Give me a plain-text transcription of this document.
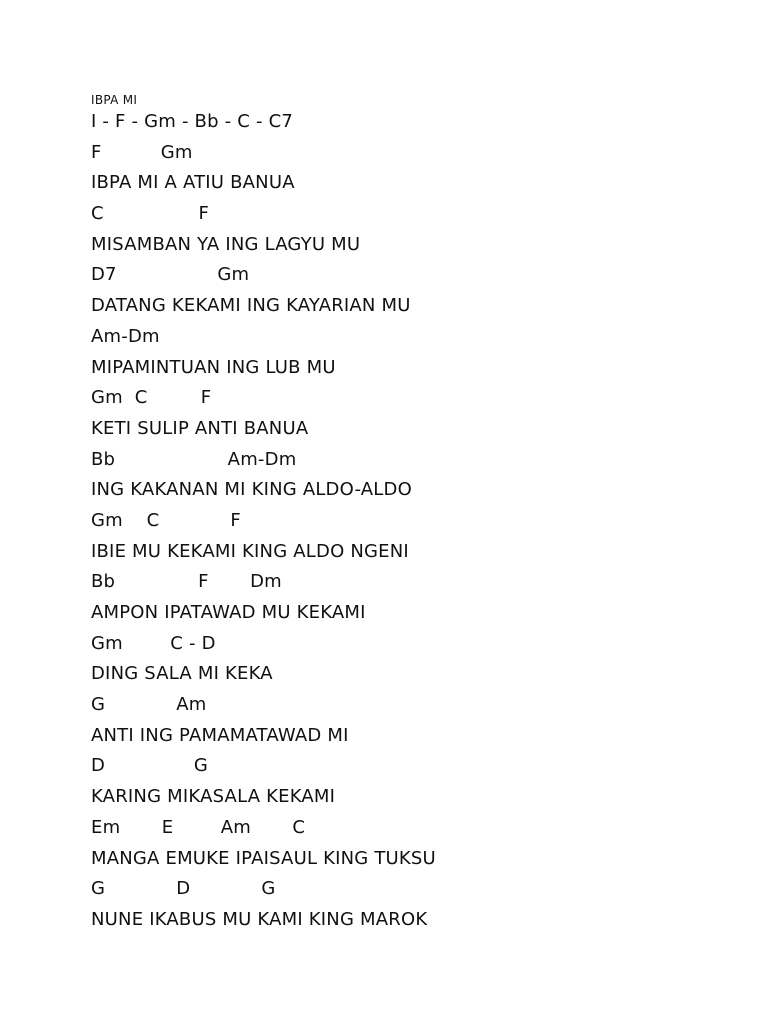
IBPA MI
I - F - Gm - Bb - C - C7
F          Gm
IBPA MI A ATIU BANUA
C                F
MISAMBAN YA ING LAGYU MU
D7                 Gm
DATANG KEKAMI ING KAYARIAN MU
Am-Dm
MIPAMINTUAN ING LUB MU
Gm  C         F
KETI SULIP ANTI BANUA
Bb                   Am-Dm
ING KAKANAN MI KING ALDO-ALDO
Gm    C            F
IBIE MU KEKAMI KING ALDO NGENI
Bb              F       Dm
AMPON IPATAWAD MU KEKAMI
Gm        C - D
DING SALA MI KEKA
G            Am
ANTI ING PAMAMATAWAD MI
D               G
KARING MIKASALA KEKAMI
Em       E        Am       C
MANGA EMUKE IPAISAUL KING TUKSU
G            D            G
NUNE IKABUS MU KAMI KING MAROK
